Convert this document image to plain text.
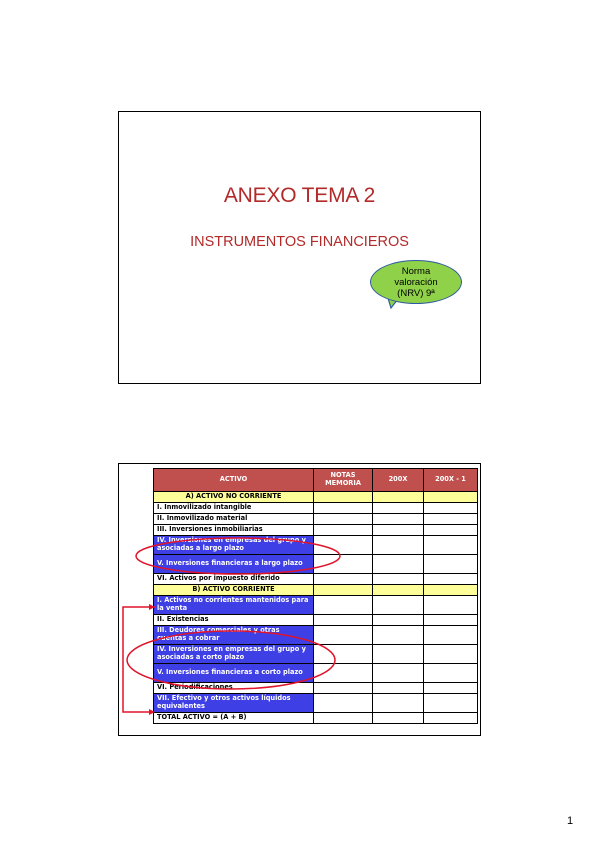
ANEXO TEMA 2
INSTRUMENTOS FINANCIEROS
Norma
valoración
(NRV) 9ª
ACTIVO	NOTAS MEMORIA	200X	200X - 1
A) ACTIVO NO CORRIENTE			
I. Inmovilizado intangible			
II. Inmovilizado material			
III. Inversiones inmobiliarias			
IV. Inversiones en empresas del grupo y asociadas a largo plazo			
V. Inversiones financieras a largo plazo			
VI. Activos por impuesto diferido			
B) ACTIVO CORRIENTE			
I. Activos no corrientes mantenidos para la venta			
II. Existencias			
III. Deudores comerciales y otras cuentas a cobrar			
IV. Inversiones en empresas del grupo y asociadas a corto plazo			
V. Inversiones financieras a corto plazo			
VI. Periodificaciones			
VII. Efectivo y otros activos líquidos equivalentes			
TOTAL ACTIVO = (A + B)			
1
